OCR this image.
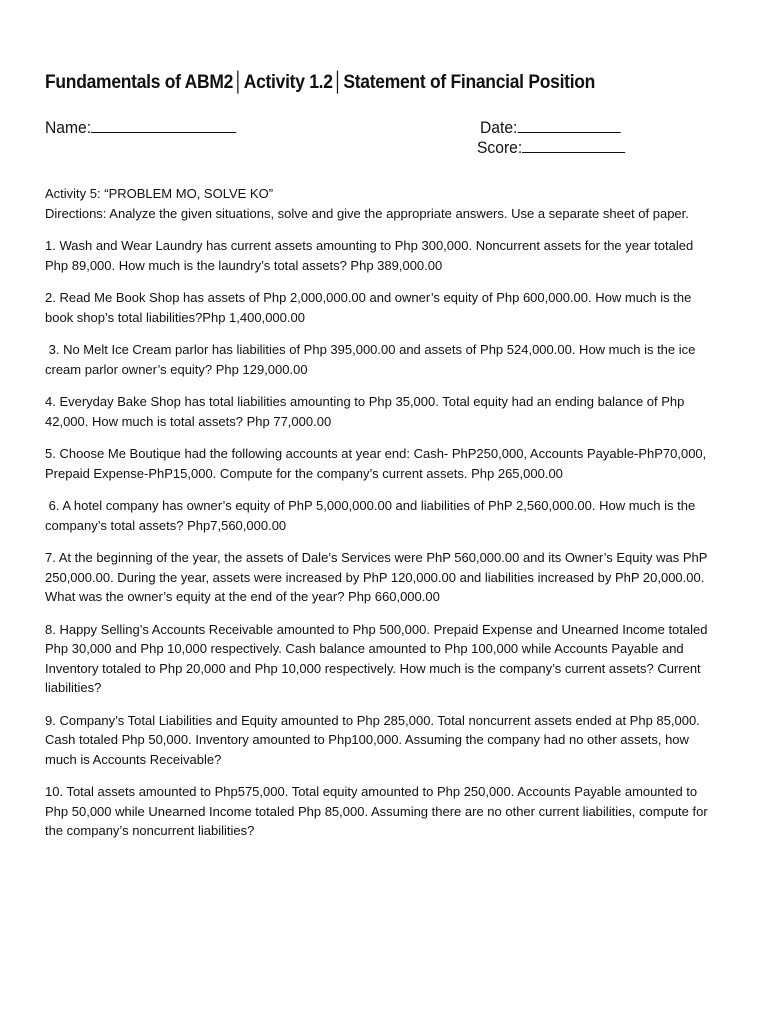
Fundamentals of ABM2│Activity 1.2│Statement of Financial Position
Name:	Date:
Score:

Activity 5: “PROBLEM MO, SOLVE KO”

Directions: Analyze the given situations, solve and give the appropriate answers. Use a separate sheet of paper.

1. Wash and Wear Laundry has current assets amounting to Php 300,000. Noncurrent assets for the year totaled Php 89,000. How much is the laundry’s total assets? Php 389,000.00

2. Read Me Book Shop has assets of Php 2,000,000.00 and owner’s equity of Php 600,000.00. How much is the book shop’s total liabilities?Php 1,400,000.00

3. No Melt Ice Cream parlor has liabilities of Php 395,000.00 and assets of Php 524,000.00. How much is the ice cream parlor owner’s equity? Php 129,000.00

4. Everyday Bake Shop has total liabilities amounting to Php 35,000. Total equity had an ending balance of Php 42,000. How much is total assets? Php 77,000.00

5. Choose Me Boutique had the following accounts at year end: Cash- PhP250,000, Accounts Payable-PhP70,000, Prepaid Expense-PhP15,000. Compute for the company’s current assets. Php 265,000.00

6. A hotel company has owner’s equity of PhP 5,000,000.00 and liabilities of PhP 2,560,000.00. How much is the company’s total assets? Php7,560,000.00

7. At the beginning of the year, the assets of Dale’s Services were PhP 560,000.00 and its Owner’s Equity was PhP 250,000.00. During the year, assets were increased by PhP 120,000.00 and liabilities increased by PhP 20,000.00. What was the owner’s equity at the end of the year? Php 660,000.00

8. Happy Selling’s Accounts Receivable amounted to Php 500,000. Prepaid Expense and Unearned Income totaled Php 30,000 and Php 10,000 respectively. Cash balance amounted to Php 100,000 while Accounts Payable and Inventory totaled to Php 20,000 and Php 10,000 respectively. How much is the company’s current assets? Current liabilities?

9. Company’s Total Liabilities and Equity amounted to Php 285,000. Total noncurrent assets ended at Php 85,000. Cash totaled Php 50,000. Inventory amounted to Php100,000. Assuming the company had no other assets, how much is Accounts Receivable?

10. Total assets amounted to Php575,000. Total equity amounted to Php 250,000. Accounts Payable amounted to Php 50,000 while Unearned Income totaled Php 85,000. Assuming there are no other current liabilities, compute for the company’s noncurrent liabilities?
